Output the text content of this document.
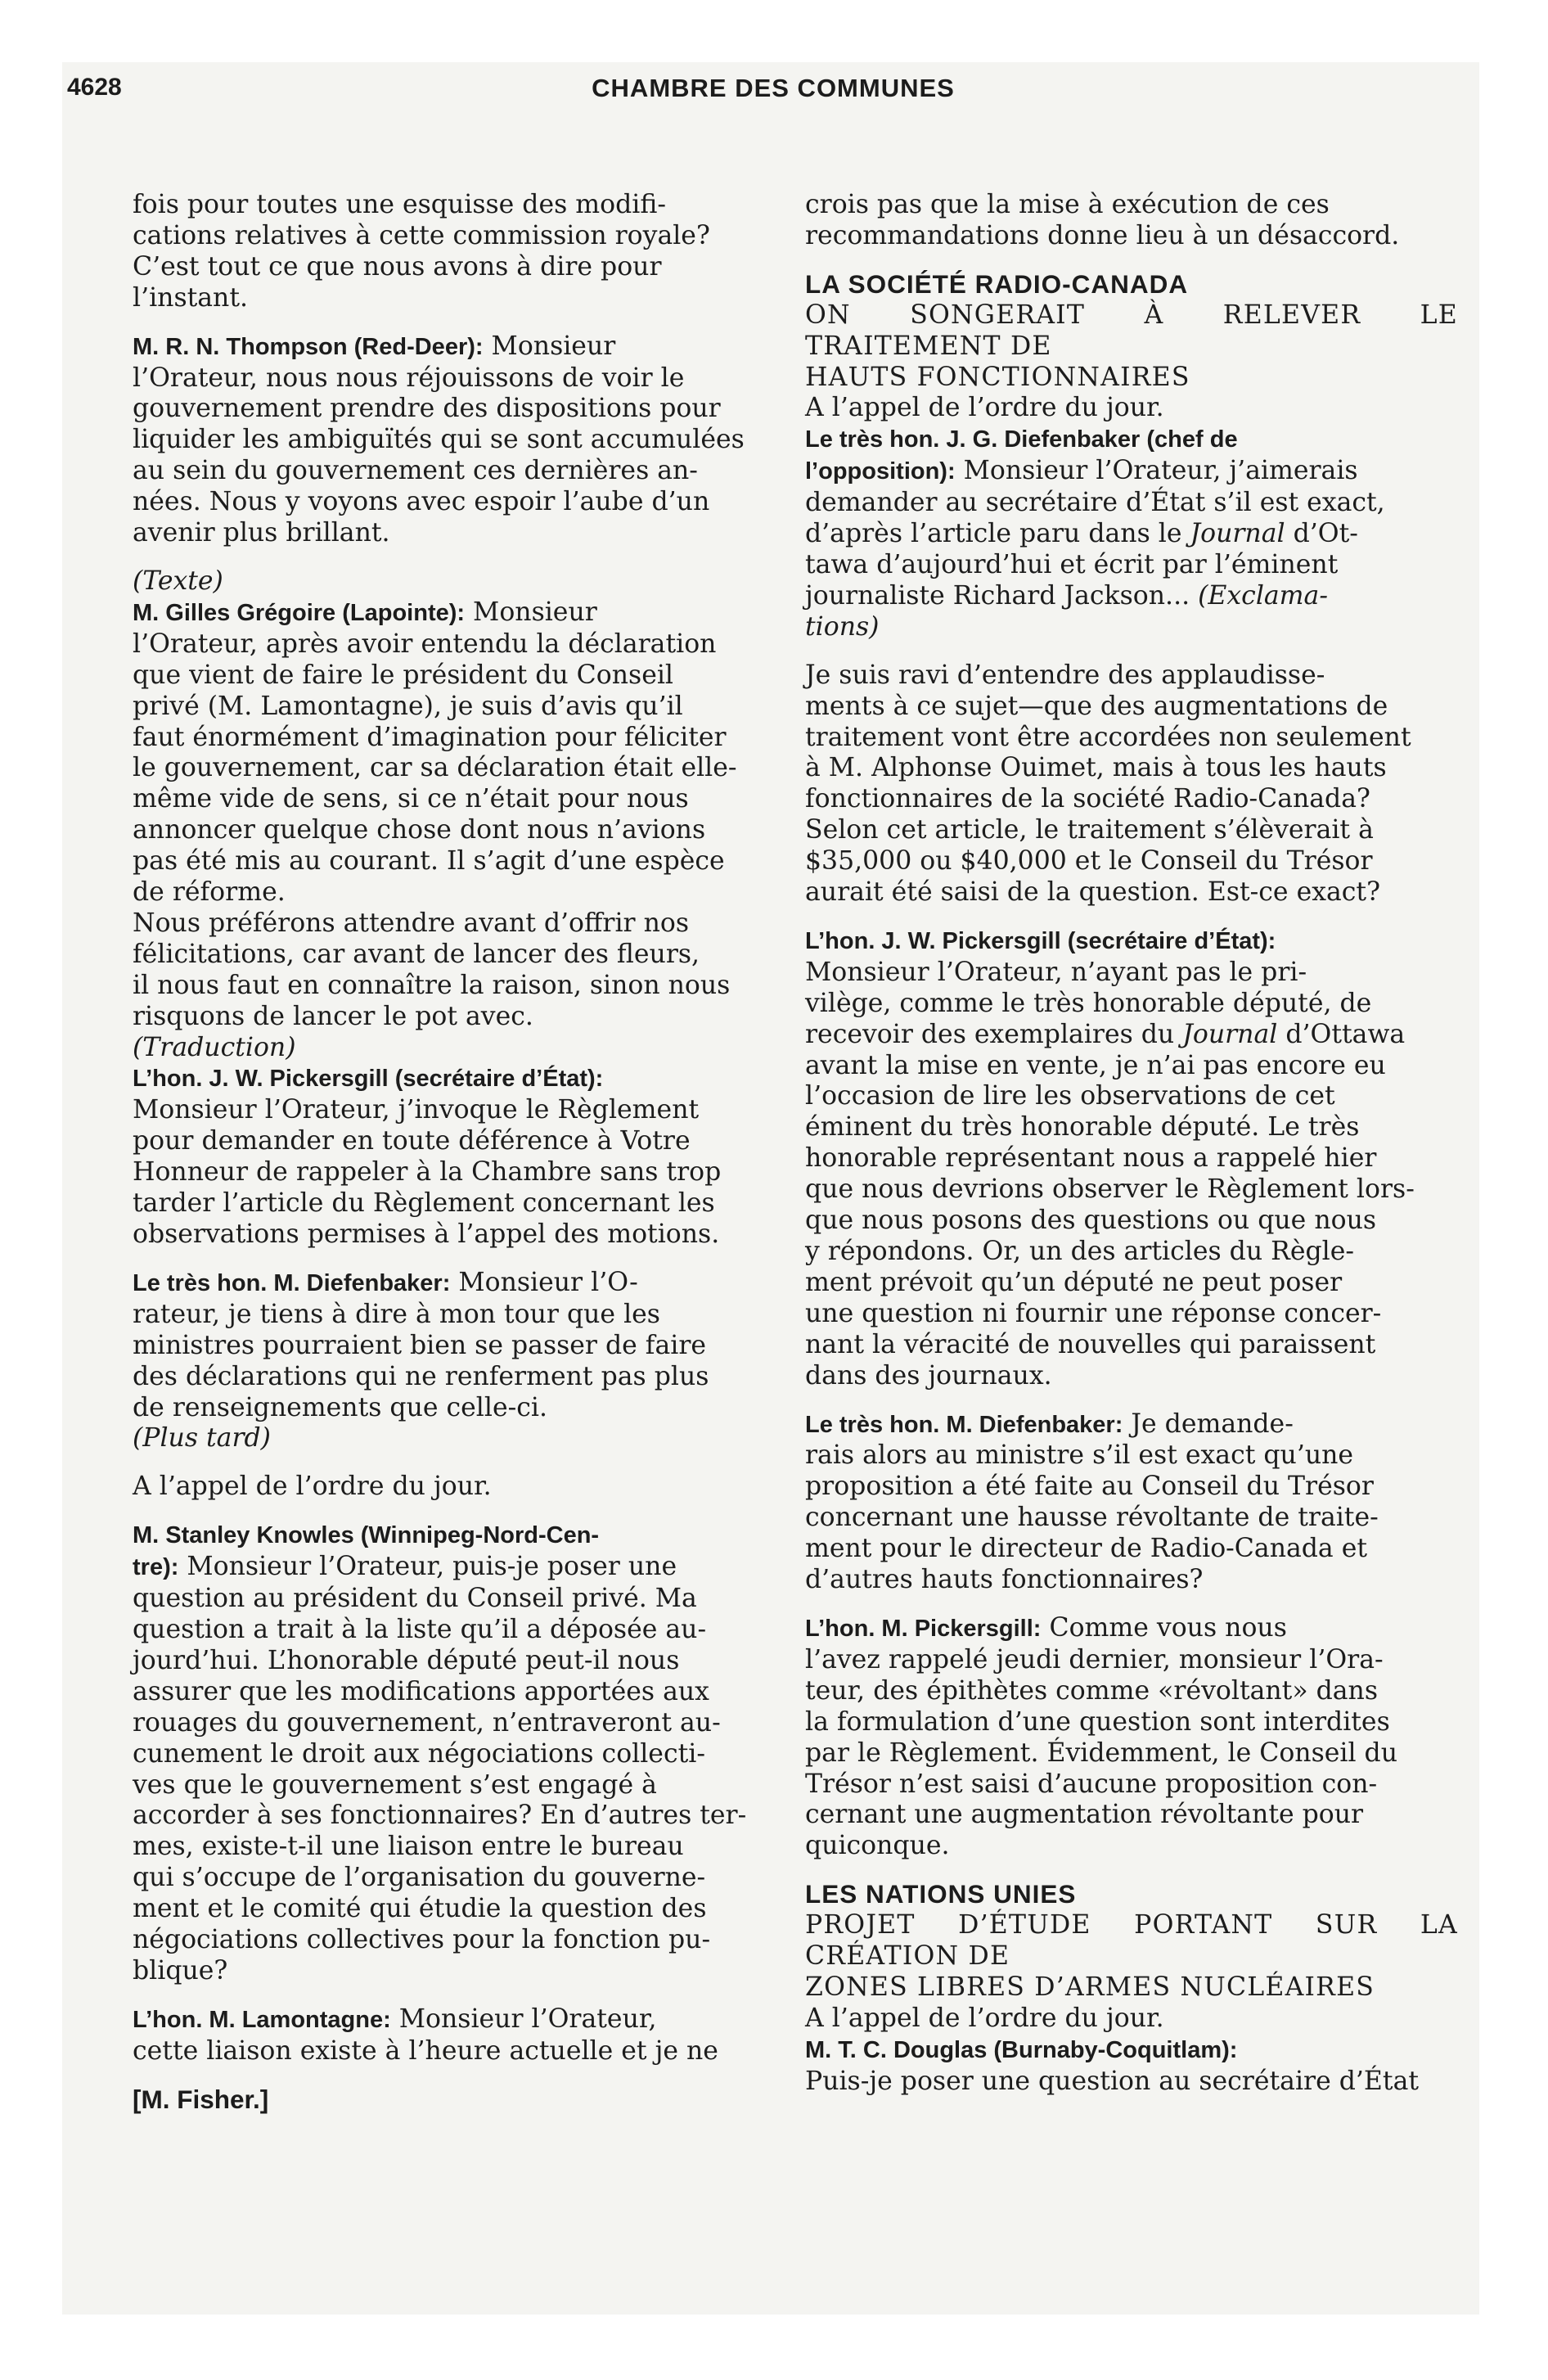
4628	CHAMBRE DES COMMUNES

fois pour toutes une esquisse des modifi-
cations relatives à cette commission royale?
C’est tout ce que nous avons à dire pour
l’instant.

M. R. N. Thompson (Red-Deer): Monsieur
l’Orateur, nous nous réjouissons de voir le
gouvernement prendre des dispositions pour
liquider les ambiguïtés qui se sont accumulées
au sein du gouvernement ces dernières an-
nées. Nous y voyons avec espoir l’aube d’un
avenir plus brillant.

(Texte)

M. Gilles Grégoire (Lapointe): Monsieur
l’Orateur, après avoir entendu la déclaration
que vient de faire le président du Conseil
privé (M. Lamontagne), je suis d’avis qu’il
faut énormément d’imagination pour féliciter
le gouvernement, car sa déclaration était elle-
même vide de sens, si ce n’était pour nous
annoncer quelque chose dont nous n’avions
pas été mis au courant. Il s’agit d’une espèce
de réforme.

Nous préférons attendre avant d’offrir nos
félicitations, car avant de lancer des fleurs,
il nous faut en connaître la raison, sinon nous
risquons de lancer le pot avec.

(Traduction)

L’hon. J. W. Pickersgill (secrétaire d’État):
Monsieur l’Orateur, j’invoque le Règlement
pour demander en toute déférence à Votre
Honneur de rappeler à la Chambre sans trop
tarder l’article du Règlement concernant les
observations permises à l’appel des motions.

Le très hon. M. Diefenbaker: Monsieur l’O-
rateur, je tiens à dire à mon tour que les
ministres pourraient bien se passer de faire
des déclarations qui ne renferment pas plus
de renseignements que celle-ci.

(Plus tard)

A l’appel de l’ordre du jour.

M. Stanley Knowles (Winnipeg-Nord-Cen-
tre): Monsieur l’Orateur, puis-je poser une
question au président du Conseil privé. Ma
question a trait à la liste qu’il a déposée au-
jourd’hui. L’honorable député peut-il nous
assurer que les modifications apportées aux
rouages du gouvernement, n’entraveront au-
cunement le droit aux négociations collecti-
ves que le gouvernement s’est engagé à
accorder à ses fonctionnaires? En d’autres ter-
mes, existe-t-il une liaison entre le bureau
qui s’occupe de l’organisation du gouverne-
ment et le comité qui étudie la question des
négociations collectives pour la fonction pu-
blique?

L’hon. M. Lamontagne: Monsieur l’Orateur,
cette liaison existe à l’heure actuelle et je ne

[M. Fisher.]

crois pas que la mise à exécution de ces
recommandations donne lieu à un désaccord.

LA SOCIÉTÉ RADIO-CANADA

ON SONGERAIT À RELEVER LE TRAITEMENT DE
HAUTS FONCTIONNAIRES

A l’appel de l’ordre du jour.

Le très hon. J. G. Diefenbaker (chef de
l’opposition): Monsieur l’Orateur, j’aimerais
demander au secrétaire d’État s’il est exact,
d’après l’article paru dans le Journal d’Ot-
tawa d’aujourd’hui et écrit par l’éminent
journaliste Richard Jackson... (Exclama-
tions)

Je suis ravi d’entendre des applaudisse-
ments à ce sujet—que des augmentations de
traitement vont être accordées non seulement
à M. Alphonse Ouimet, mais à tous les hauts
fonctionnaires de la société Radio-Canada?
Selon cet article, le traitement s’élèverait à
$35,000 ou $40,000 et le Conseil du Trésor
aurait été saisi de la question. Est-ce exact?

L’hon. J. W. Pickersgill (secrétaire d’État):
Monsieur l’Orateur, n’ayant pas le pri-
vilège, comme le très honorable député, de
recevoir des exemplaires du Journal d’Ottawa
avant la mise en vente, je n’ai pas encore eu
l’occasion de lire les observations de cet
éminent du très honorable député. Le très
honorable représentant nous a rappelé hier
que nous devrions observer le Règlement lors-
que nous posons des questions ou que nous
y répondons. Or, un des articles du Règle-
ment prévoit qu’un député ne peut poser
une question ni fournir une réponse concer-
nant la véracité de nouvelles qui paraissent
dans des journaux.

Le très hon. M. Diefenbaker: Je demande-
rais alors au ministre s’il est exact qu’une
proposition a été faite au Conseil du Trésor
concernant une hausse révoltante de traite-
ment pour le directeur de Radio-Canada et
d’autres hauts fonctionnaires?

L’hon. M. Pickersgill: Comme vous nous
l’avez rappelé jeudi dernier, monsieur l’Ora-
teur, des épithètes comme «révoltant» dans
la formulation d’une question sont interdites
par le Règlement. Évidemment, le Conseil du
Trésor n’est saisi d’aucune proposition con-
cernant une augmentation révoltante pour
quiconque.

LES NATIONS UNIES

PROJET D’ÉTUDE PORTANT SUR LA CRÉATION DE
ZONES LIBRES D’ARMES NUCLÉAIRES

A l’appel de l’ordre du jour.

M. T. C. Douglas (Burnaby-Coquitlam):
Puis-je poser une question au secrétaire d’État
